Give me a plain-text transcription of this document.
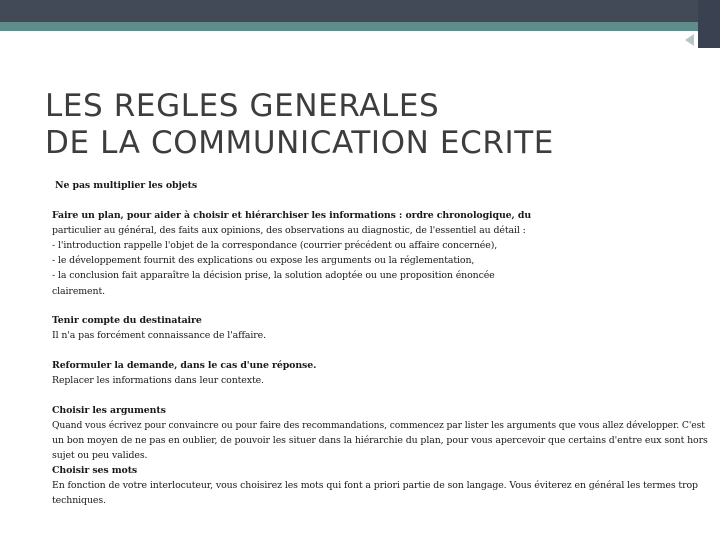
LES REGLES GENERALES
DE LA COMMUNICATION ECRITE
Ne pas multiplier les objets
Faire un plan, pour aider à choisir et hiérarchiser les informations : ordre chronologique, du
particulier au général, des faits aux opinions, des observations au diagnostic, de l'essentiel au détail :
- l'introduction rappelle l'objet de la correspondance (courrier précédent ou affaire concernée),
- le développement fournit des explications ou expose les arguments ou la réglementation,
- la conclusion fait apparaître la décision prise, la solution adoptée ou une proposition énoncée
clairement.
Tenir compte du destinataire
Il n'a pas forcément connaissance de l'affaire.
Reformuler la demande, dans le cas d'une réponse.
Replacer les informations dans leur contexte.
Choisir les arguments
Quand vous écrivez pour convaincre ou pour faire des recommandations, commencez par lister les arguments que vous allez développer. C'est
un bon moyen de ne pas en oublier, de pouvoir les situer dans la hiérarchie du plan, pour vous apercevoir que certains d'entre eux sont hors
sujet ou peu valides.
Choisir ses mots
En fonction de votre interlocuteur, vous choisirez les mots qui font a priori partie de son langage. Vous éviterez en général les termes trop
techniques.
